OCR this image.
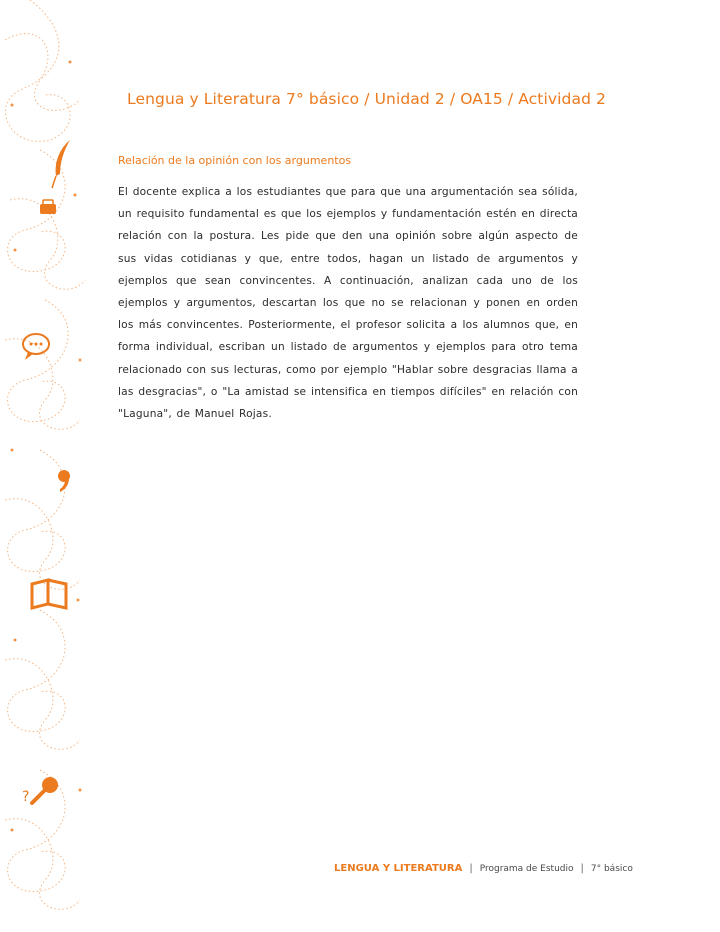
?
Lengua y Literatura 7° básico / Unidad 2 / OA15 / Actividad 2
Relación de la opinión con los argumentos

El docente explica a los estudiantes que para que una argumentación sea sólida, un requisito fundamental es que los ejemplos y fundamentación estén en directa relación con la postura. Les pide que den una opinión sobre algún aspecto de sus vidas cotidianas y que, entre todos, hagan un listado de argumentos y ejemplos que sean convincentes. A continuación, analizan cada uno de los ejemplos y argumentos, descartan los que no se relacionan y ponen en orden los más convincentes. Posteriormente, el profesor solicita a los alumnos que, en forma individual, escriban un listado de argumentos y ejemplos para otro tema relacionado con sus lecturas, como por ejemplo "Hablar sobre desgracias llama a las desgracias", o "La amistad se intensifica en tiempos difíciles" en relación con "Laguna", de Manuel Rojas.

LENGUA Y LITERATURA | Programa de Estudio | 7° básico
